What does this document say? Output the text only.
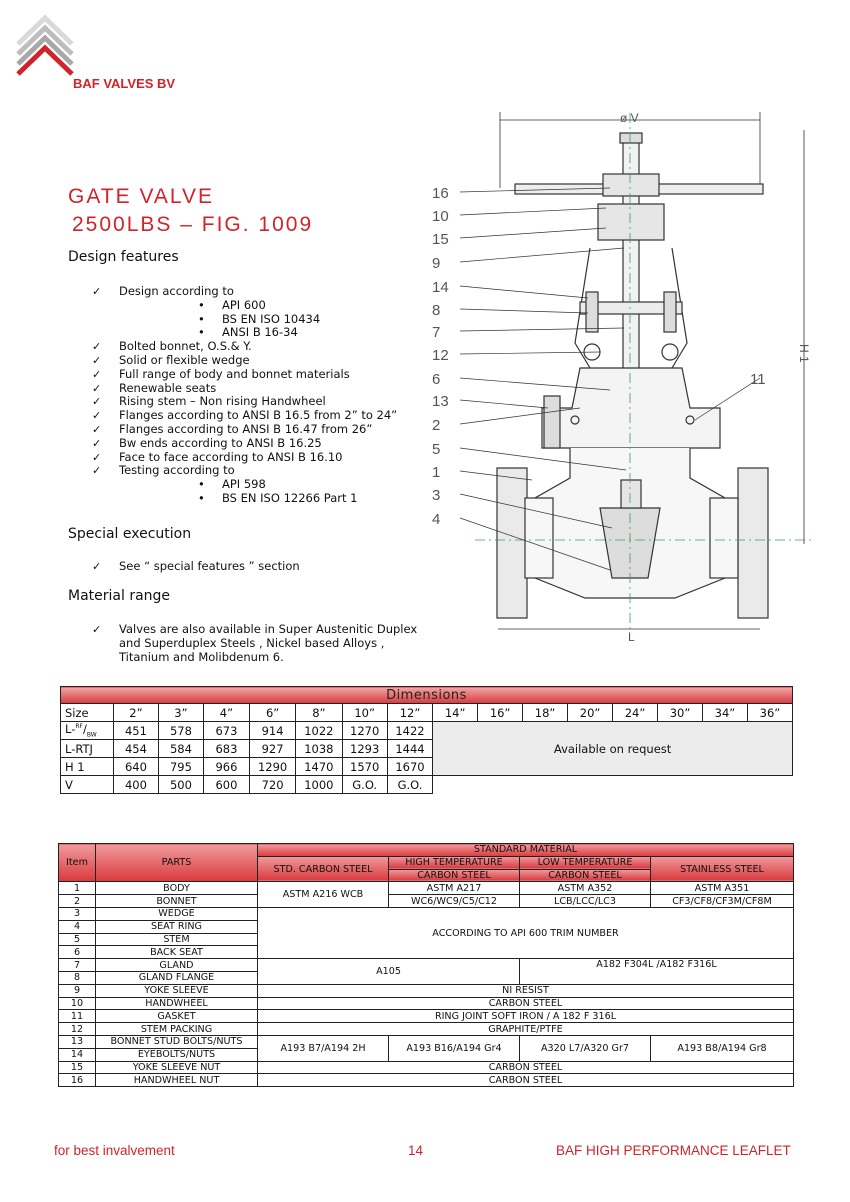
BAF VALVES BV
GATE VALVE
2500LBS – FIG. 1009
Design features
✓ Design according to
• API 600
• BS EN ISO 10434
• ANSI B 16-34
✓ Bolted bonnet, O.S.& Y.
✓ Solid or flexible wedge
✓ Full range of body and bonnet materials
✓ Renewable seats
✓ Rising stem – Non rising Handwheel
✓ Flanges according to ANSI B 16.5 from 2” to 24”
✓ Flanges according to ANSI B 16.47 from 26”
✓ Bw ends according to ANSI B 16.25
✓ Face to face according to ANSI B 16.10
✓ Testing according to
• API 598
• BS EN ISO 12266 Part 1
Special execution
✓ See “ special features ” section
Material range
✓ Valves are also available in Super Austenitic Duplex
and Superduplex Steels , Nickel based Alloys ,
Titanium and Molibdenum 6.
16
10
15
9
14
8
7
12
6
13
2
5
1
3
4
11
ø V
H 1
L
Dimensions															
Size	2”	3”	4”	6”	8”	10”	12”	14”	16”	18”	20”	24”	30”	34”	36”
$L-^{RF}/_{BW}$	451	578	673	914	1022	1270	1422	Available on request							
L-RTJ	454	584	683	927	1038	1293	1444								
H 1	640	795	966	1290	1470	1570	1670								
V	400	500	600	720	1000	G.O.	G.O.								
Item	PARTS	STANDARD MATERIAL			
		STD. CARBON STEEL	HIGH TEMPERATURE	LOW TEMPERATURE	STAINLESS STEEL
			CARBON STEEL	CARBON STEEL	
1	BODY	ASTM A216 WCB	ASTM A217	ASTM A352	ASTM A351
2	BONNET		WC6/WC9/C5/C12	LCB/LCC/LC3	CF3/CF8/CF3M/CF8M
3	WEDGE	ACCORDING TO API 600 TRIM NUMBER			
4	SEAT RING				
5	STEM				
6	BACK SEAT				
7	GLAND	A105		A182 F304L /A182 F316L	
8	GLAND FLANGE				
9	YOKE SLEEVE	NI RESIST			
10	HANDWHEEL	CARBON STEEL			
11	GASKET	RING JOINT SOFT IRON / A 182 F 316L			
12	STEM PACKING	GRAPHITE/PTFE			
13	BONNET STUD BOLTS/NUTS	A193 B7/A194 2H	A193 B16/A194 Gr4	A320 L7/A320 Gr7	A193 B8/A194 Gr8
14	EYEBOLTS/NUTS				
15	YOKE SLEEVE NUT	CARBON STEEL			
16	HANDWHEEL NUT	CARBON STEEL			
for best invalvement	14	BAF HIGH PERFORMANCE LEAFLET
